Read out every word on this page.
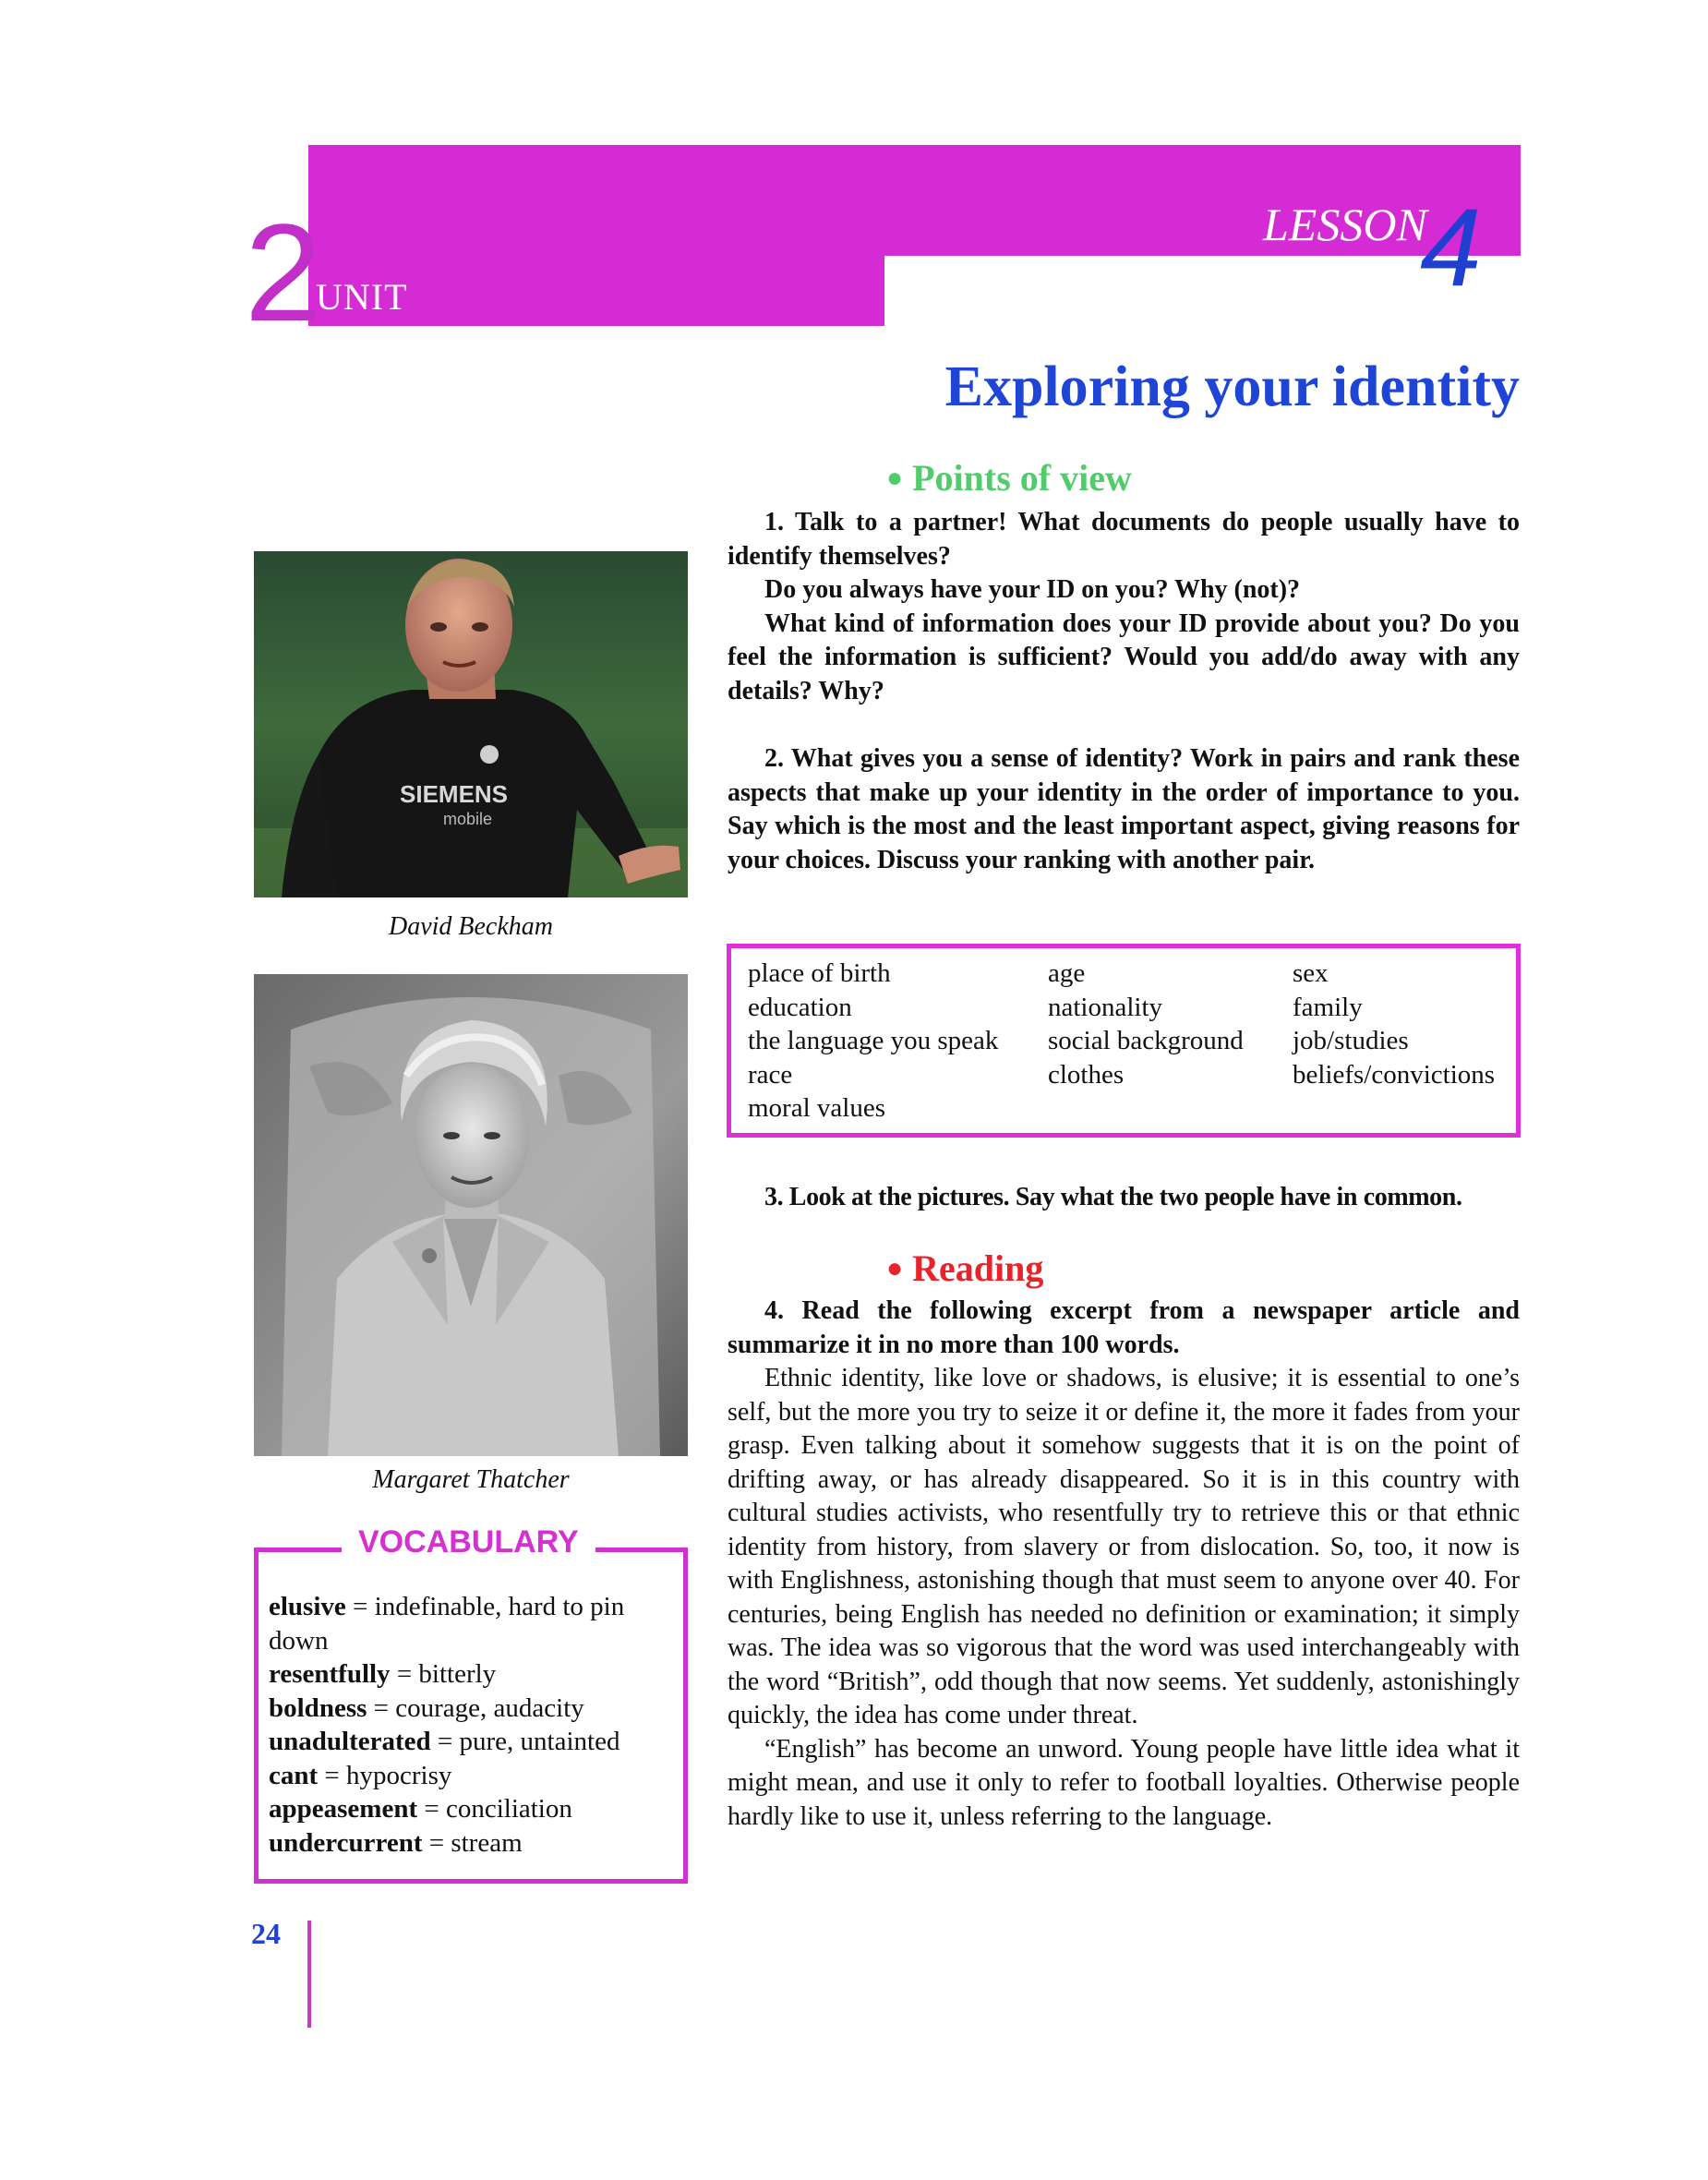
2
UNIT
LESSON
4
Exploring your identity
SIEMENS
mobile
David Beckham
Margaret Thatcher
VOCABULARY
elusive = indefinable, hard to pin down
resentfully = bitterly
boldness = courage, audacity
unadulterated = pure, untainted
cant = hypocrisy
appeasement = conciliation
undercurrent = stream
● Points of view

1. Talk to a partner! What documents do people usually have to identify themselves?

Do you always have your ID on you? Why (not)?

What kind of information does your ID provide about you? Do you feel the information is sufficient? Would you add/do away with any details? Why?

2. What gives you a sense of identity? Work in pairs and rank these aspects that make up your identity in the order of importance to you. Say which is the most and the least important aspect, giving reasons for your choices. Discuss your ranking with another pair.

place of birth
education
the language you speak
race
moral values
age
nationality
social background
clothes
sex
family
job/studies
beliefs/convictions

3. Look at the pictures. Say what the two people have in common.

● Reading

4. Read the following excerpt from a newspaper article and summarize it in no more than 100 words.

Ethnic identity, like love or shadows, is elusive; it is essential to one’s self, but the more you try to seize it or define it, the more it fades from your grasp. Even talking about it somehow suggests that it is on the point of drifting away, or has already disappeared. So it is in this country with cultural studies activists, who resentfully try to retrieve this or that ethnic identity from history, from slavery or from dislocation. So, too, it now is with Englishness, astonishing though that must seem to anyone over 40. For centuries, being English has needed no definition or examination; it simply was. The idea was so vigorous that the word was used interchangeably with the word “British”, odd though that now seems. Yet suddenly, astonishingly quickly, the idea has come under threat.

“English” has become an unword. Young people have little idea what it might mean, and use it only to refer to football loyalties. Otherwise people hardly like to use it, unless referring to the language.

24
